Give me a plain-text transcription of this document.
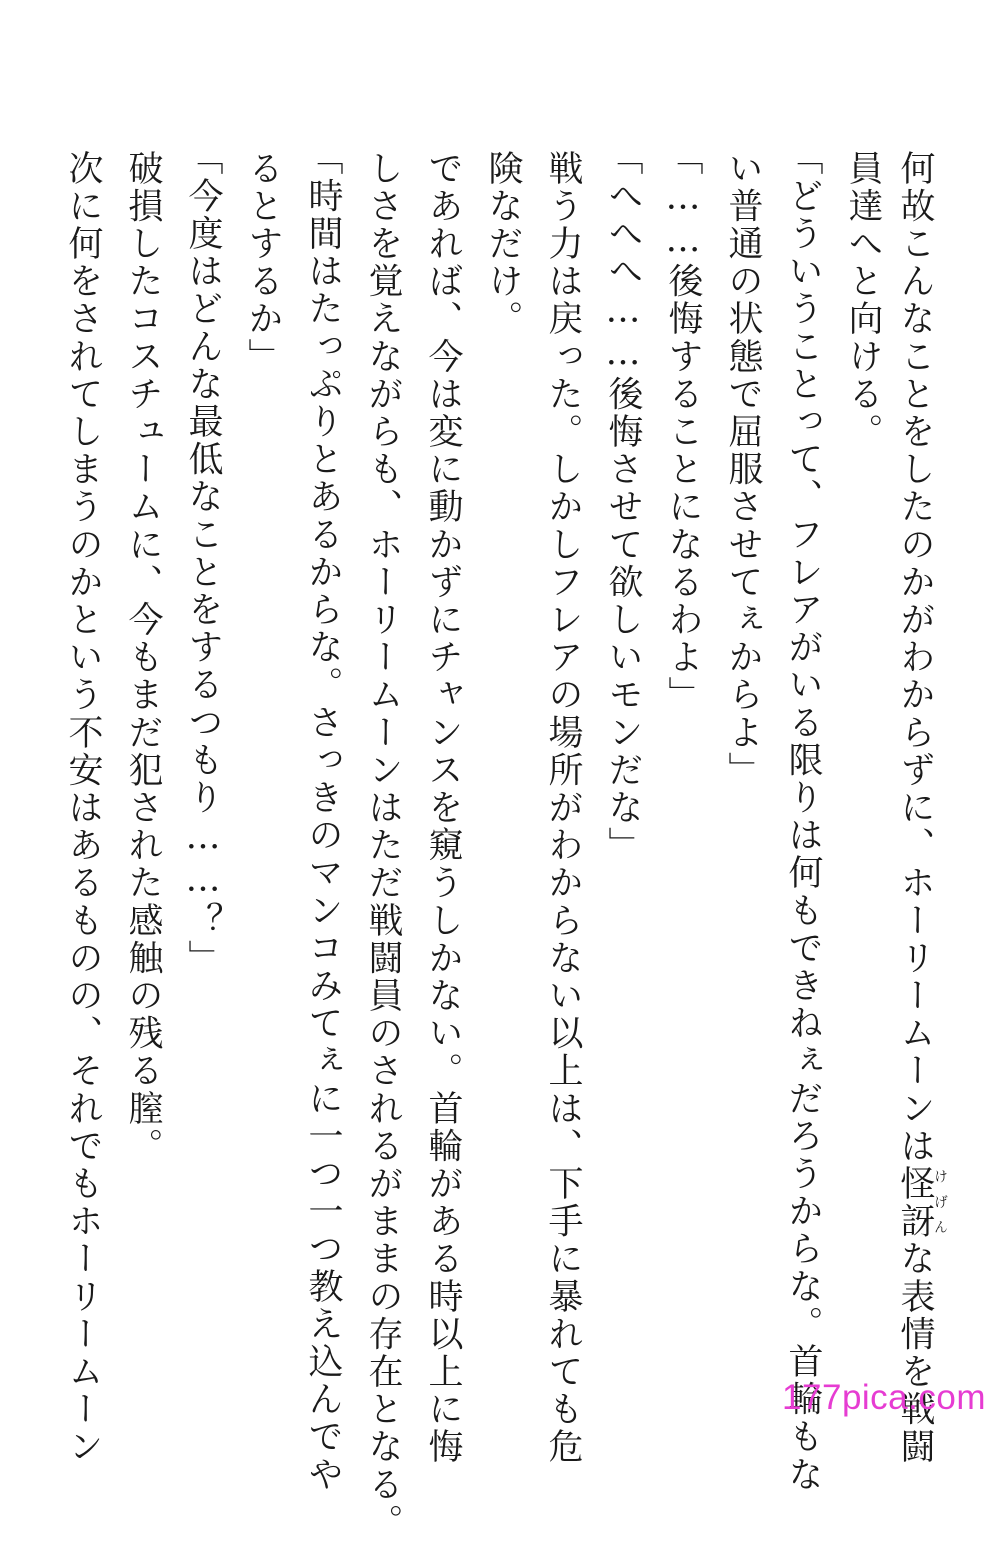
何故こんなことをしたのかがわからずに、ホーリームーンは怪訝けげんな表情を戦闘
員達へと向ける。
「どういうことって、フレアがいる限りは何もできねぇだろうからな。首輪もな
い普通の状態で屈服させてぇからよ」
「……後悔することになるわよ」
「へへへ……後悔させて欲しいモンだな」
戦う力は戻った。しかしフレアの場所がわからない以上は、下手に暴れても危
険なだけ。
であれば、今は変に動かずにチャンスを窺うしかない。首輪がある時以上に悔
しさを覚えながらも、ホーリームーンはただ戦闘員のされるがままの存在となる。
「時間はたっぷりとあるからな。さっきのマンコみてぇに一つ一つ教え込んでや
るとするか」
「今度はどんな最低なことをするつもり……？」
破損したコスチュームに、今もまだ犯された感触の残る膣。
次に何をされてしまうのかという不安はあるものの、それでもホーリームーン	177pica.com
